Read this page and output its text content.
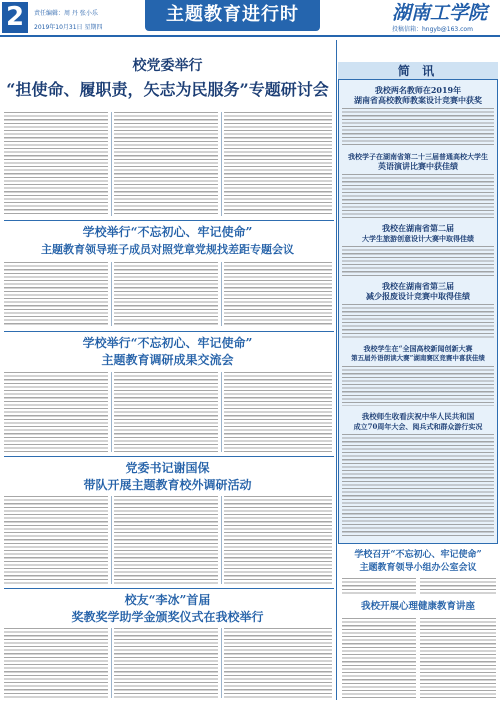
2	责任编辑：周 丹 张小乐
2019年10月31日 星期四
主题教育进行时	湖南工学院
投稿信箱：hngyb@163.com
校党委举行
“担使命、履职责，矢志为民服务”专题研讨会
学校举行“不忘初心、牢记使命”
主题教育领导班子成员对照党章党规找差距专题会议
学校举行“不忘初心、牢记使命”
主题教育调研成果交流会
党委书记谢国保
带队开展主题教育校外调研活动
校友“李冰”首届
奖教奖学助学金颁奖仪式在我校举行
简 讯
我校两名教师在2019年
湖南省高校教师教案设计竞赛中获奖
我校学子在湖南省第二十三届普通高校大学生
英语演讲比赛中获佳绩
我校在湖南省第二届
大学生旅游创意设计大赛中取得佳绩
我校在湖南省第三届
减少报废设计竞赛中取得佳绩
我校学生在“全国高校新闻创新大赛
第五届外语朗读大赛”湖南赛区竞赛中喜获佳绩
我校师生收看庆祝中华人民共和国
成立70周年大会、阅兵式和群众游行实况
学校召开“不忘初心、牢记使命”
主题教育领导小组办公室会议
我校开展心理健康教育讲座
